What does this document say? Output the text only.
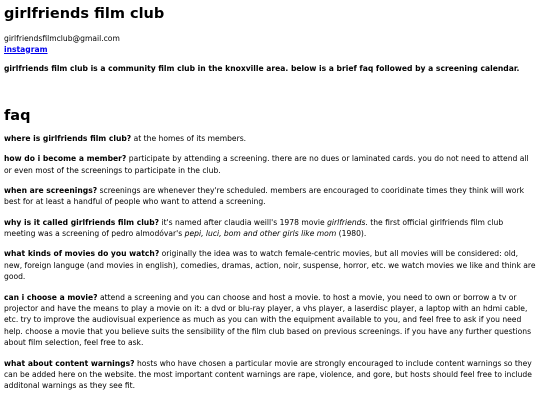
girlfriends film club

girlfriendsfilmclub@gmail.com
instagram

girlfriends film club is a community film club in the knoxville area. below is a brief faq followed by a screening calendar.

faq

where is girlfriends film club? at the homes of its members.

how do i become a member? participate by attending a screening. there are no dues or laminated cards. you do not need to attend all or even most of the screenings to participate in the club.

when are screenings? screenings are whenever they're scheduled. members are encouraged to cooridinate times they think will work best for at least a handful of people who want to attend a screening.

why is it called girlfriends film club? it's named after claudia weill's 1978 movie girlfriends. the first official girlfriends film club meeting was a screening of pedro almodóvar's pepi, luci, bom and other girls like mom (1980).

what kinds of movies do you watch? originally the idea was to watch female-centric movies, but all movies will be considered: old, new, foreign languge (and movies in english), comedies, dramas, action, noir, suspense, horror, etc. we watch movies we like and think are good.

can i choose a movie? attend a screening and you can choose and host a movie. to host a movie, you need to own or borrow a tv or projector and have the means to play a movie on it: a dvd or blu-ray player, a vhs player, a laserdisc player, a laptop with an hdmi cable, etc. try to improve the audiovisual experience as much as you can with the equipment available to you, and feel free to ask if you need help. choose a movie that you believe suits the sensibility of the film club based on previous screenings. if you have any further questions about film selection, feel free to ask.

what about content warnings? hosts who have chosen a particular movie are strongly encouraged to include content warnings so they can be added here on the website. the most important content warnings are rape, violence, and gore, but hosts should feel free to include additonal warnings as they see fit.
